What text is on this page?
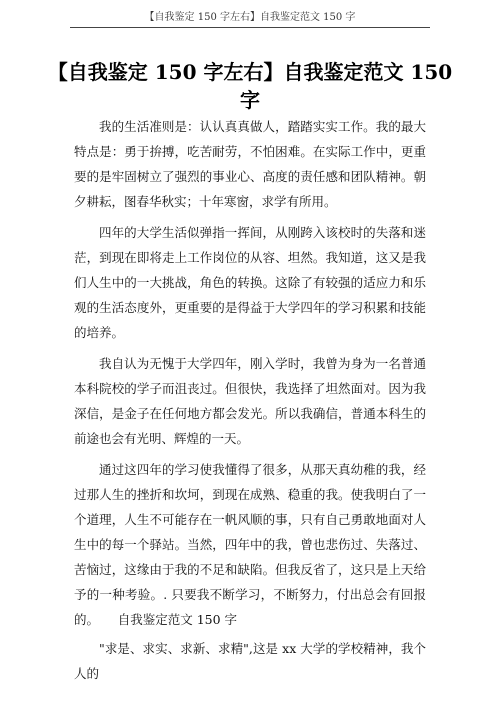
【自我鉴定 150 字左右】自我鉴定范文 150 字
【自我鉴定 150 字左右】自我鉴定范文 150 字

我的生活准则是：认认真真做人，踏踏实实工作。我的最大特点是：勇于拚搏，吃苦耐劳，不怕困难。在实际工作中，更重要的是牢固树立了强烈的事业心、高度的责任感和团队精神。朝夕耕耘，图春华秋实；十年寒窗，求学有所用。

四年的大学生活似弹指一挥间，从刚跨入该校时的失落和迷茫，到现在即将走上工作岗位的从容、坦然。我知道，这又是我们人生中的一大挑战，角色的转换。这除了有较强的适应力和乐观的生活态度外，更重要的是得益于大学四年的学习积累和技能的培养。

我自认为无愧于大学四年，刚入学时，我曾为身为一名普通本科院校的学子而沮丧过。但很快，我选择了坦然面对。因为我深信，是金子在任何地方都会发光。所以我确信，普通本科生的前途也会有光明、辉煌的一天。

通过这四年的学习使我懂得了很多，从那天真幼稚的我，经过那人生的挫折和坎坷，到现在成熟、稳重的我。使我明白了一个道理，人生不可能存在一帆风顺的事，只有自己勇敢地面对人生中的每一个驿站。当然，四年中的我，曾也悲伤过、失落过、苦恼过，这缘由于我的不足和缺陷。但我反省了，这只是上天给予的一种考验。. 只要我不断学习，不断努力，付出总会有回报的。　　自我鉴定范文 150 字

"求是、求实、求新、求精",这是 xx 大学的学校精神，我个人的
